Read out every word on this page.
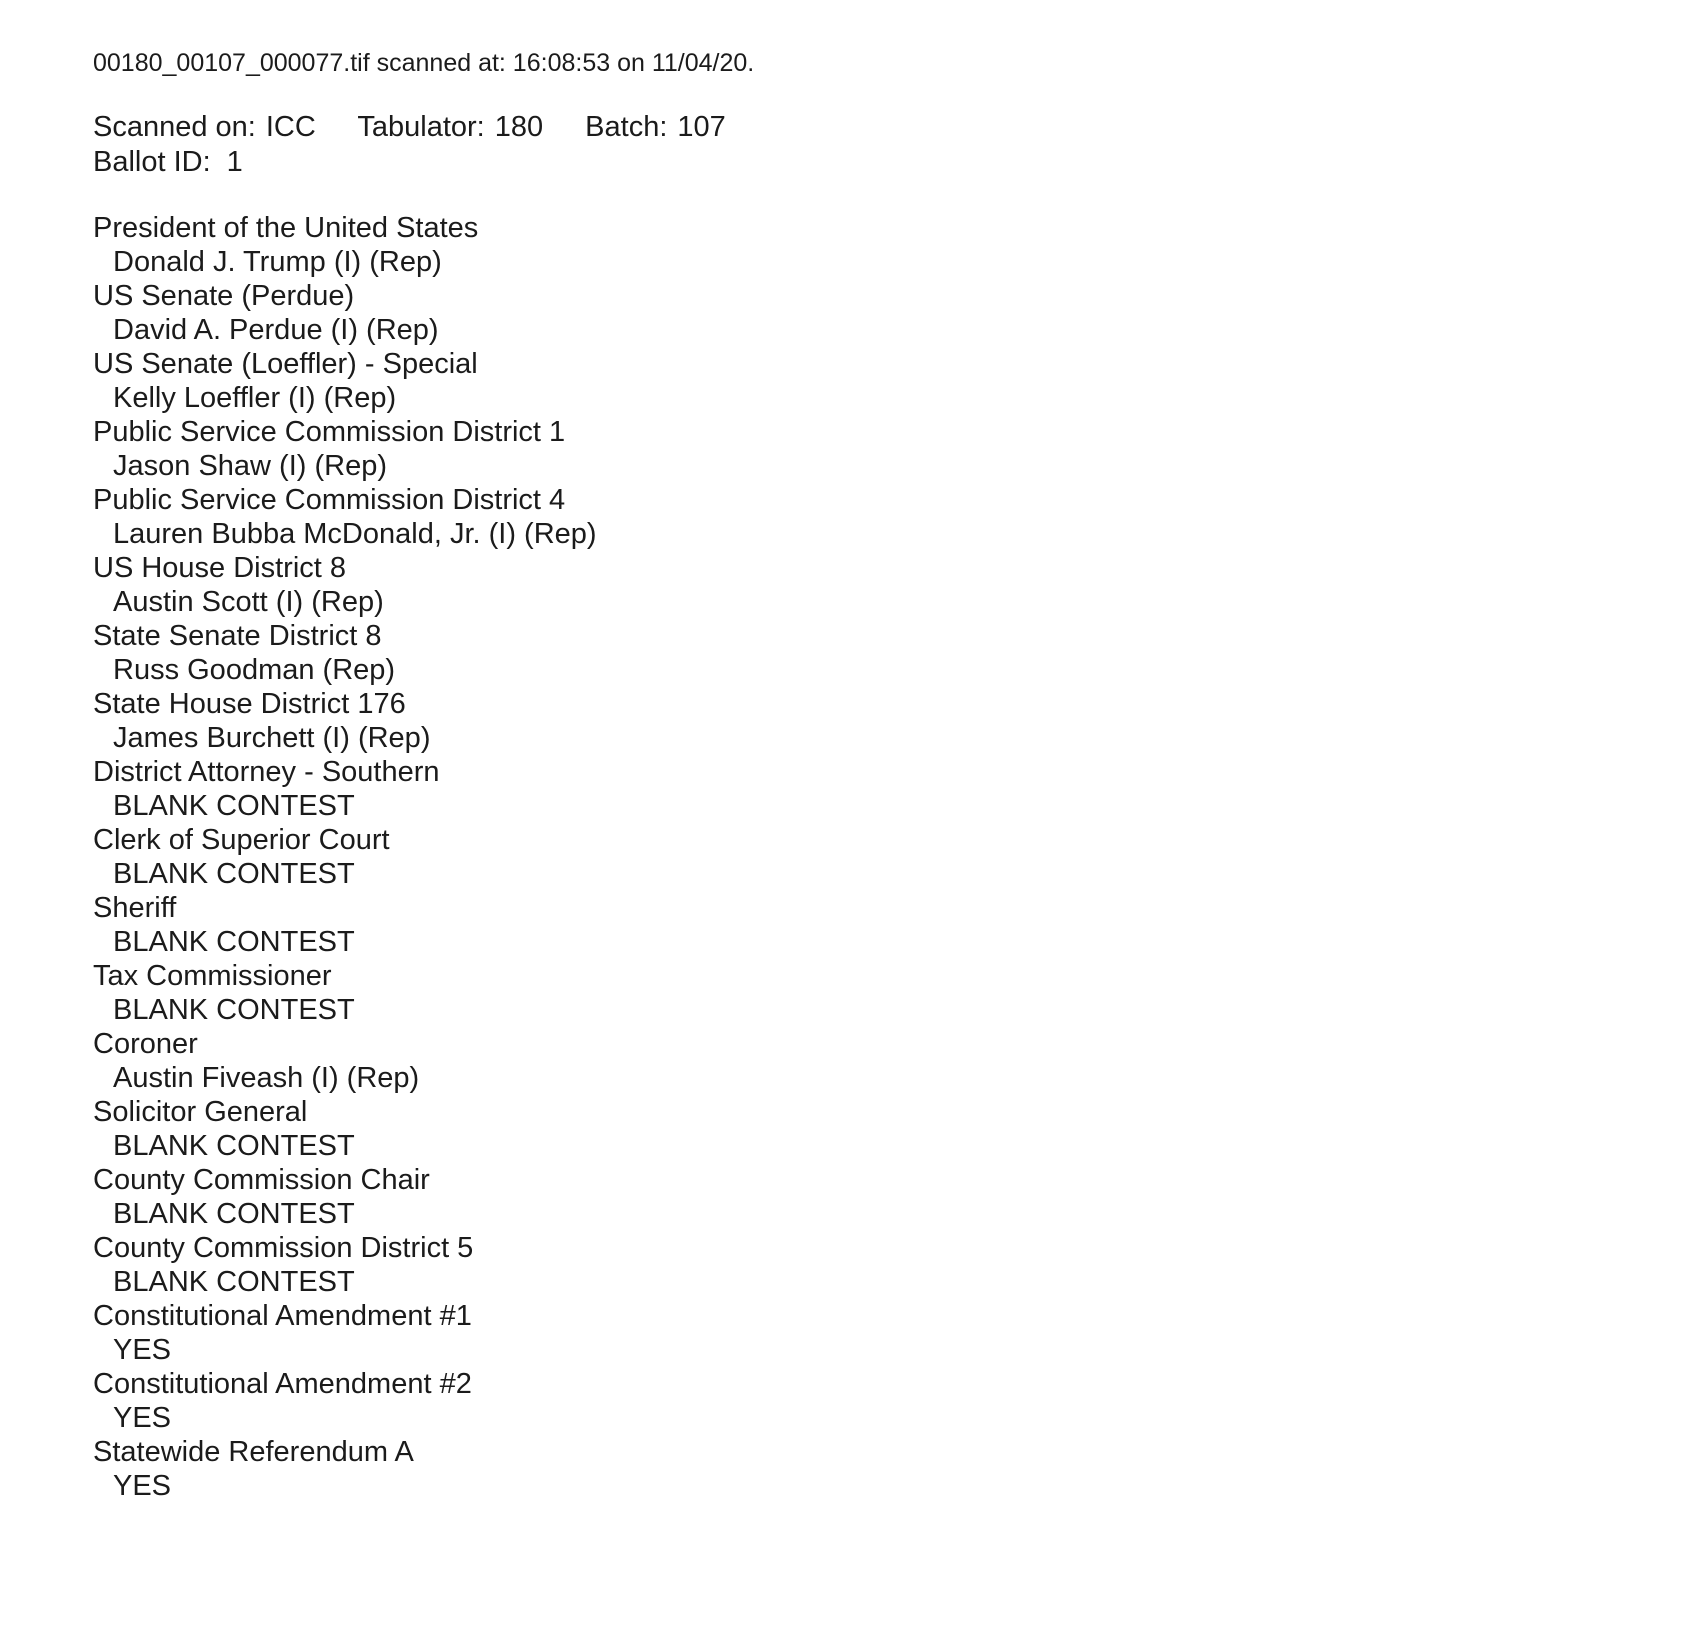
00180_00107_000077.tif scanned at: 16:08:53 on 11/04/20.

Scanned on: ICC Tabulator: 180 Batch: 107

Ballot ID: 1

President of the United States

Donald J. Trump (I) (Rep)

US Senate (Perdue)

David A. Perdue (I) (Rep)

US Senate (Loeffler) - Special

Kelly Loeffler (I) (Rep)

Public Service Commission District 1

Jason Shaw (I) (Rep)

Public Service Commission District 4

Lauren Bubba McDonald, Jr. (I) (Rep)

US House District 8

Austin Scott (I) (Rep)

State Senate District 8

Russ Goodman (Rep)

State House District 176

James Burchett (I) (Rep)

District Attorney - Southern

BLANK CONTEST

Clerk of Superior Court

BLANK CONTEST

Sheriff

BLANK CONTEST

Tax Commissioner

BLANK CONTEST

Coroner

Austin Fiveash (I) (Rep)

Solicitor General

BLANK CONTEST

County Commission Chair

BLANK CONTEST

County Commission District 5

BLANK CONTEST

Constitutional Amendment #1

YES

Constitutional Amendment #2

YES

Statewide Referendum A

YES
